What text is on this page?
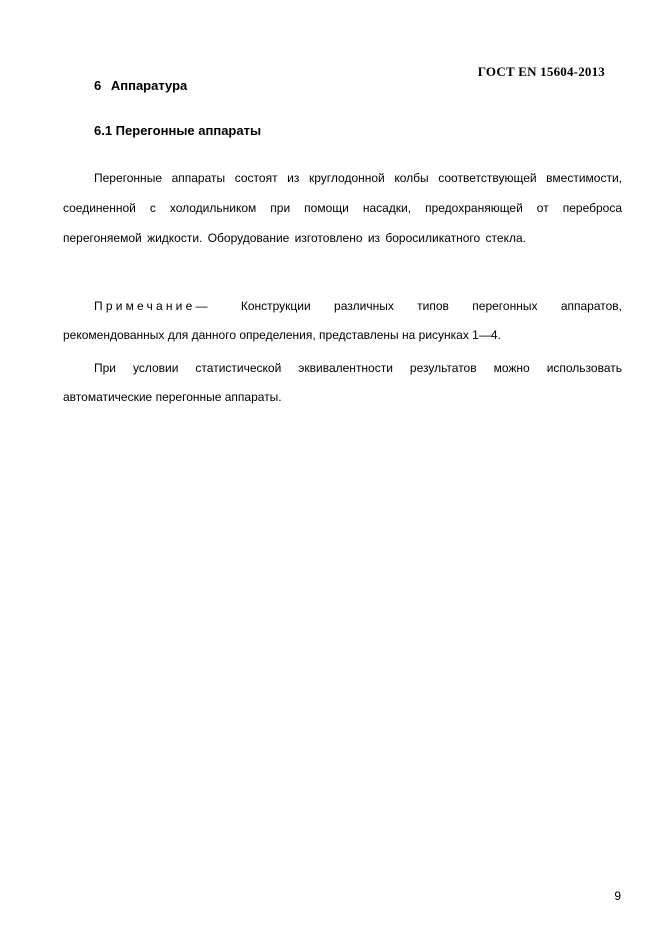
ГОСТ EN 15604-2013
6 Аппаратура
6.1 Перегонные аппараты

Перегонные аппараты состоят из круглодонной колбы соответствующей вместимости, соединенной с холодильником при помощи насадки, предохраняющей от переброса перегоняемой жидкости. Оборудование изготовлено из боросиликатного стекла.

Примечание—	Конструкции различных типов перегонных аппаратов, рекомендованных для данного определения, представлены на рисунках 1—4.

При условии статистической эквивалентности результатов можно использовать автоматические перегонные аппараты.

9
